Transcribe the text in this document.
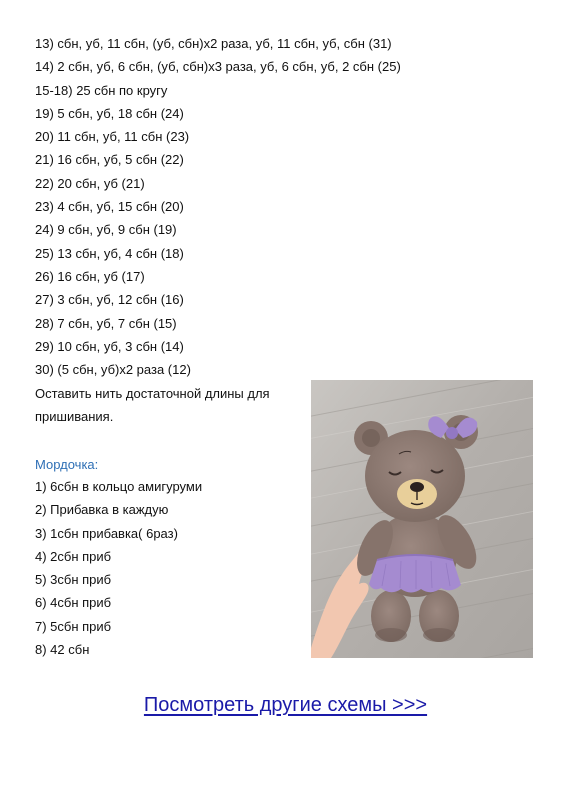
13) сбн, уб, 11 сбн, (уб, сбн)х2 раза, уб, 11 сбн, уб, сбн (31)
14) 2 сбн, уб, 6 сбн, (уб, сбн)х3 раза, уб, 6 сбн, уб, 2 сбн (25)
15-18) 25 сбн по кругу
19) 5 сбн, уб, 18 сбн (24)
20) 11 сбн, уб, 11 сбн (23)
21) 16 сбн, уб, 5 сбн (22)
22) 20 сбн, уб (21)
23) 4 сбн, уб, 15 сбн (20)
24) 9 сбн, уб, 9 сбн (19)
25) 13 сбн, уб, 4 сбн (18)
26) 16 сбн, уб (17)
27) 3 сбн, уб, 12 сбн (16)
28) 7 сбн, уб, 7 сбн (15)
29) 10 сбн, уб, 3 сбн (14)
30) (5 сбн, уб)х2 раза (12)
Оставить нить достаточной длины для пришивания.
Мордочка:
1) 6сбн в кольцо амигуруми
2) Прибавка в каждую
3) 1сбн прибавка( 6раз)
4) 2сбн приб
5) 3сбн приб
6) 4сбн приб
7) 5сбн приб
8) 42 сбн
Посмотреть другие схемы >>>
